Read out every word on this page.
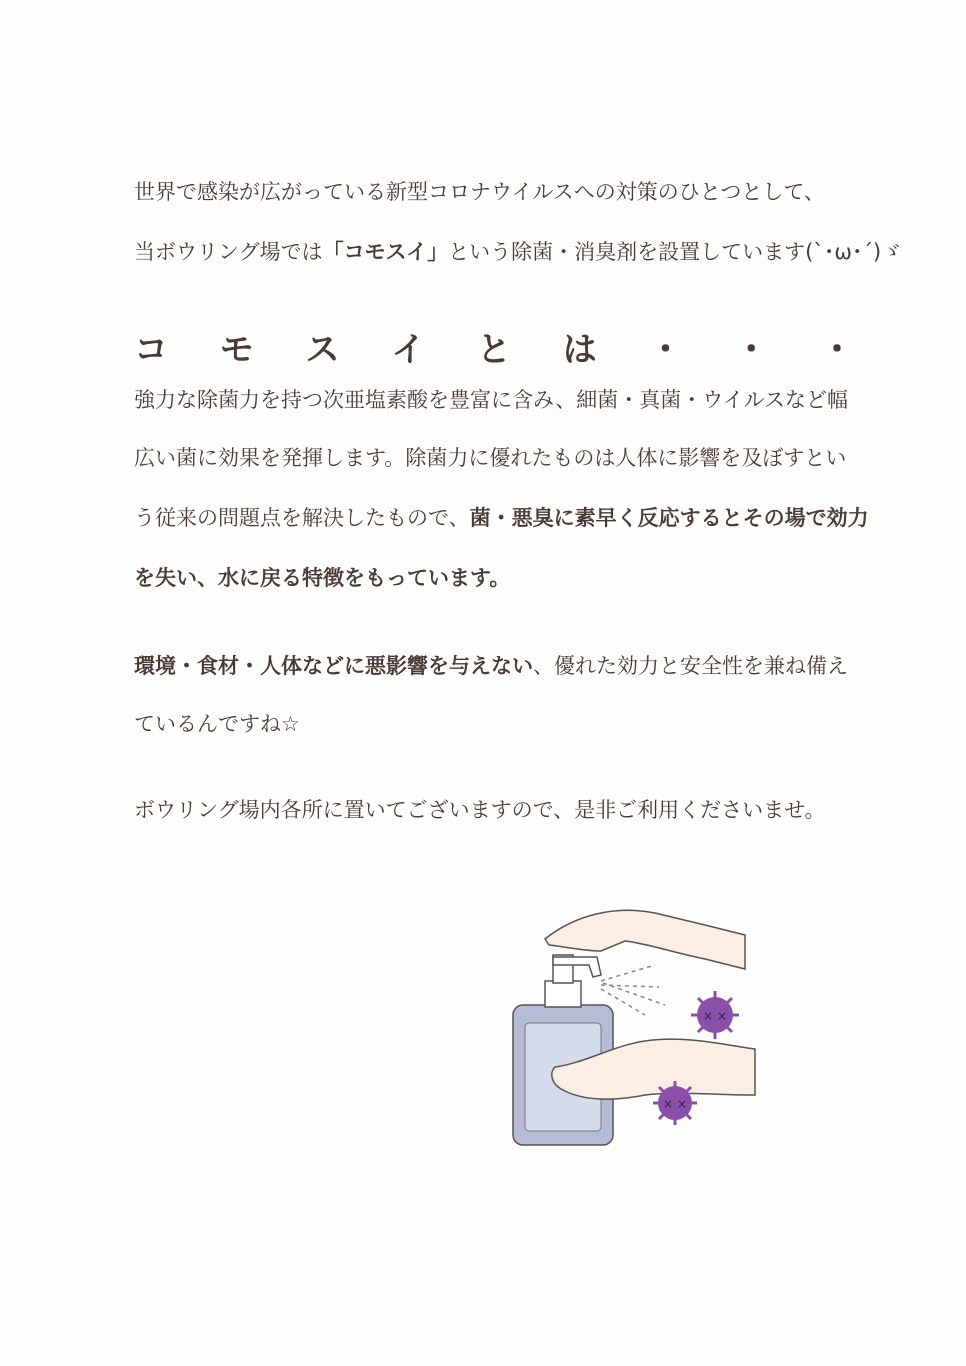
世界で感染が広がっている新型コロナウイルスへの対策のひとつとして、
当ボウリング場では「コモスイ」という除菌・消臭剤を設置しています(`･ω･´)ゞ
コ モ ス イ と は ・ ・ ・
強力な除菌力を持つ次亜塩素酸を豊富に含み、細菌・真菌・ウイルスなど幅
広い菌に効果を発揮します。除菌力に優れたものは人体に影響を及ぼすとい
う従来の問題点を解決したもので、菌・悪臭に素早く反応するとその場で効力
を失い、水に戻る特徴をもっています。
環境・食材・人体などに悪影響を与えない、優れた効力と安全性を兼ね備え
ているんですね☆
ボウリング場内各所に置いてございますので、是非ご利用くださいませ。
× ×
× ×
